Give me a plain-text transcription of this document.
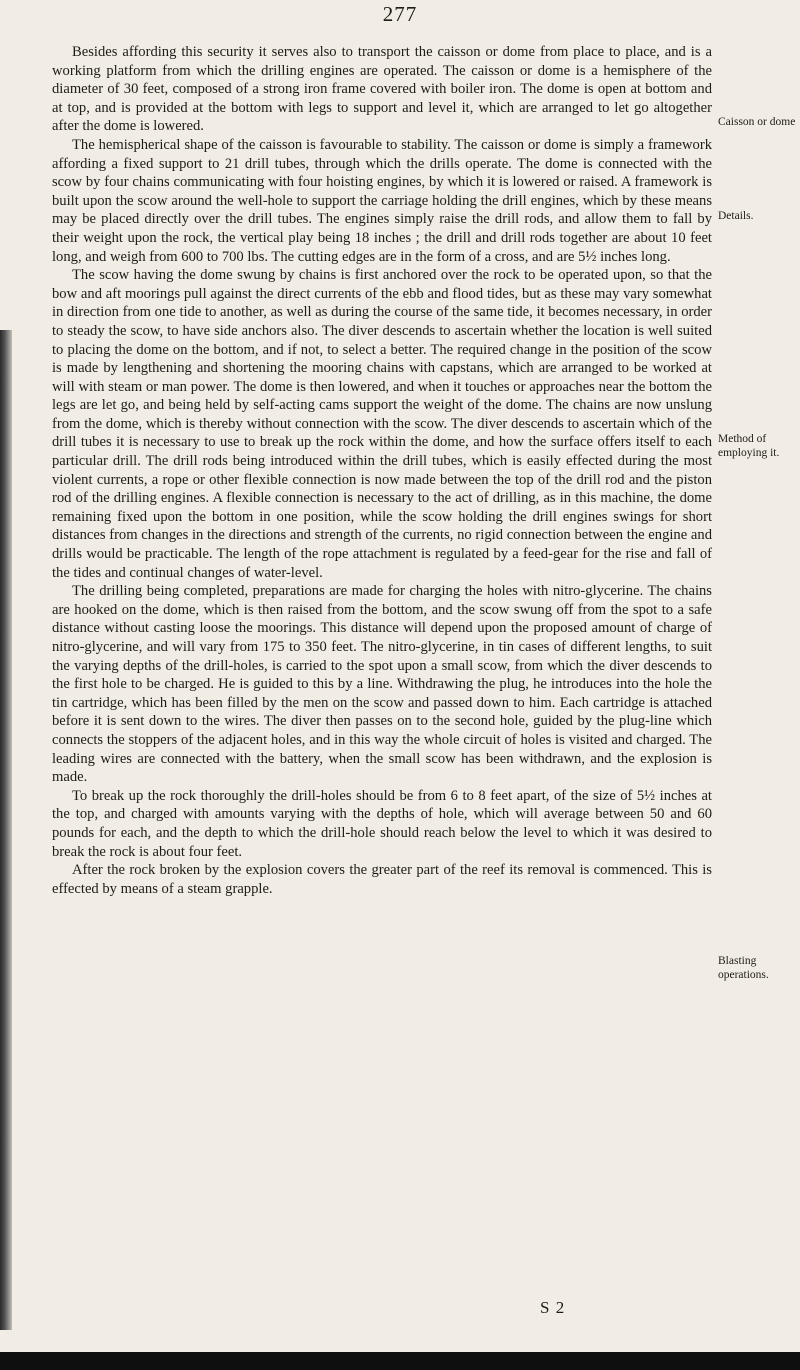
277

Besides affording this security it serves also to transport the caisson or dome from place to place, and is a working platform from which the drilling engines are operated. The caisson or dome is a hemisphere of the diameter of 30 feet, composed of a strong iron frame covered with boiler iron. The dome is open at bottom and at top, and is provided at the bottom with legs to support and level it, which are arranged to let go altogether after the dome is lowered.

The hemispherical shape of the caisson is favourable to stability. The caisson or dome is simply a framework affording a fixed support to 21 drill tubes, through which the drills operate. The dome is connected with the scow by four chains communicating with four hoisting engines, by which it is lowered or raised. A framework is built upon the scow around the well-hole to support the carriage holding the drill engines, which by these means may be placed directly over the drill tubes. The engines simply raise the drill rods, and allow them to fall by their weight upon the rock, the vertical play being 18 inches ; the drill and drill rods together are about 10 feet long, and weigh from 600 to 700 lbs. The cutting edges are in the form of a cross, and are 5½ inches long.

The scow having the dome swung by chains is first anchored over the rock to be operated upon, so that the bow and aft moorings pull against the direct currents of the ebb and flood tides, but as these may vary somewhat in direction from one tide to another, as well as during the course of the same tide, it becomes necessary, in order to steady the scow, to have side anchors also. The diver descends to ascertain whether the location is well suited to placing the dome on the bottom, and if not, to select a better. The required change in the position of the scow is made by lengthening and shortening the mooring chains with capstans, which are arranged to be worked at will with steam or man power. The dome is then lowered, and when it touches or approaches near the bottom the legs are let go, and being held by self-acting cams support the weight of the dome. The chains are now unslung from the dome, which is thereby without connection with the scow. The diver descends to ascertain which of the drill tubes it is necessary to use to break up the rock within the dome, and how the surface offers itself to each particular drill. The drill rods being introduced within the drill tubes, which is easily effected during the most violent currents, a rope or other flexible connection is now made between the top of the drill rod and the piston rod of the drilling engines. A flexible connection is necessary to the act of drilling, as in this machine, the dome remaining fixed upon the bottom in one position, while the scow holding the drill engines swings for short distances from changes in the directions and strength of the currents, no rigid connection between the engine and drills would be practicable. The length of the rope attachment is regulated by a feed-gear for the rise and fall of the tides and continual changes of water-level.

The drilling being completed, preparations are made for charging the holes with nitro-glycerine. The chains are hooked on the dome, which is then raised from the bottom, and the scow swung off from the spot to a safe distance without casting loose the moorings. This distance will depend upon the proposed amount of charge of nitro-glycerine, and will vary from 175 to 350 feet. The nitro-glycerine, in tin cases of different lengths, to suit the varying depths of the drill-holes, is carried to the spot upon a small scow, from which the diver descends to the first hole to be charged. He is guided to this by a line. Withdrawing the plug, he introduces into the hole the tin cartridge, which has been filled by the men on the scow and passed down to him. Each cartridge is attached before it is sent down to the wires. The diver then passes on to the second hole, guided by the plug-line which connects the stoppers of the adjacent holes, and in this way the whole circuit of holes is visited and charged. The leading wires are connected with the battery, when the small scow has been withdrawn, and the explosion is made.

To break up the rock thoroughly the drill-holes should be from 6 to 8 feet apart, of the size of 5½ inches at the top, and charged with amounts varying with the depths of hole, which will average between 50 and 60 pounds for each, and the depth to which the drill-hole should reach below the level to which it was desired to break the rock is about four feet.

After the rock broken by the explosion covers the greater part of the reef its removal is commenced. This is effected by means of a steam grapple.

Caisson or dome
Details.
Method of
employing it.
Blasting
operations.
S 2
